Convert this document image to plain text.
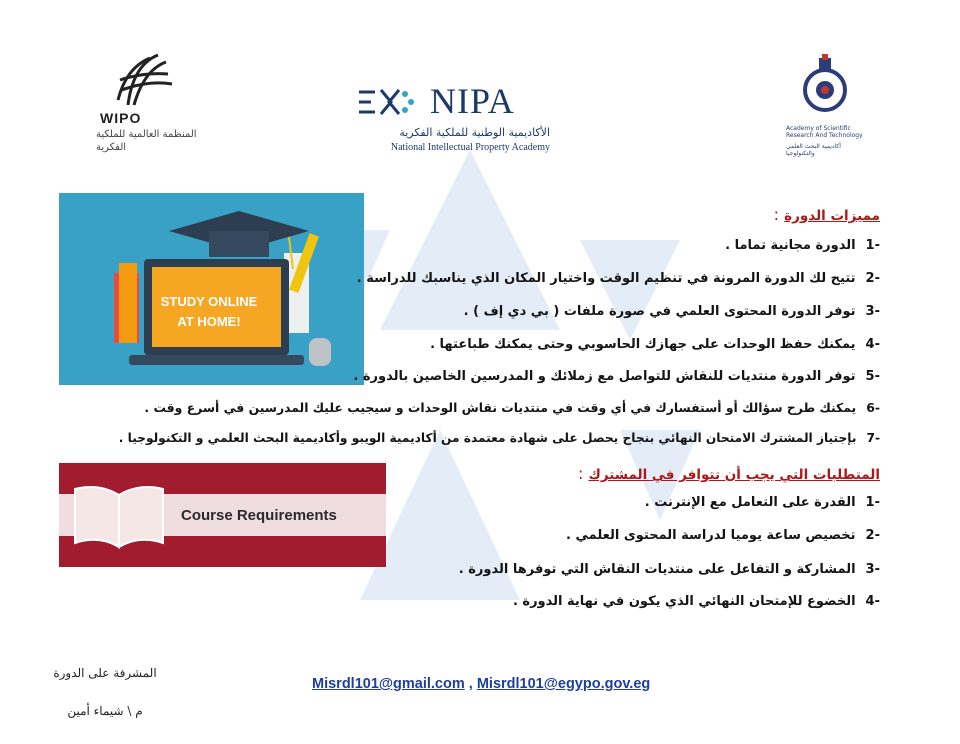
WIPO
المنظمة العالمية للملكية الفكرية
NIPA
الأكاديمية الوطنية للملكية الفكرية
National Intellectual Property Academy
Academy of Scientific Research And Technology
أكاديمية البحث العلمي والتكنولوجيا
STUDY ONLINE AT HOME!
Course Requirements
مميزات الدورة :
-1الدورة مجانية تماما .
-2تتيح لك الدورة المرونة في تنظيم الوقت واختيار المكان الذي يناسبك للدراسة .
-3توفر الدورة المحتوى العلمي في صورة ملفات ( بي دي إف ) .
-4يمكنك حفظ الوحدات على جهازك الحاسوبي وحتى يمكنك طباعتها .
-5توفر الدورة منتديات للنقاش للتواصل مع زملائك و المدرسين الخاصين بالدورة .
-6يمكنك طرح سؤالك أو أستفسارك في أي وقت في منتديات نقاش الوحدات و سيجيب عليك المدرسين في أسرع وقت .
-7بإجتياز المشترك الامتحان النهائي بنجاح يحصل على شهادة معتمدة من أكاديمية الويبو وأكاديمية البحث العلمي و التكنولوجيا .
المتطلبات التي يجب أن تتوافر في المشترك :
-1القدرة على التعامل مع الإنترنت .
-2تخصيص ساعة يوميا لدراسة المحتوى العلمي .
-3المشاركة و التفاعل على منتديات النقاش التي توفرها الدورة .
-4الخضوع للإمتحان النهائي الذي يكون في نهاية الدورة .
المشرفة على الدورة
م \ شيماء أمين
Misrdl101@gmail.com , Misrdl101@egypo.gov.eg
